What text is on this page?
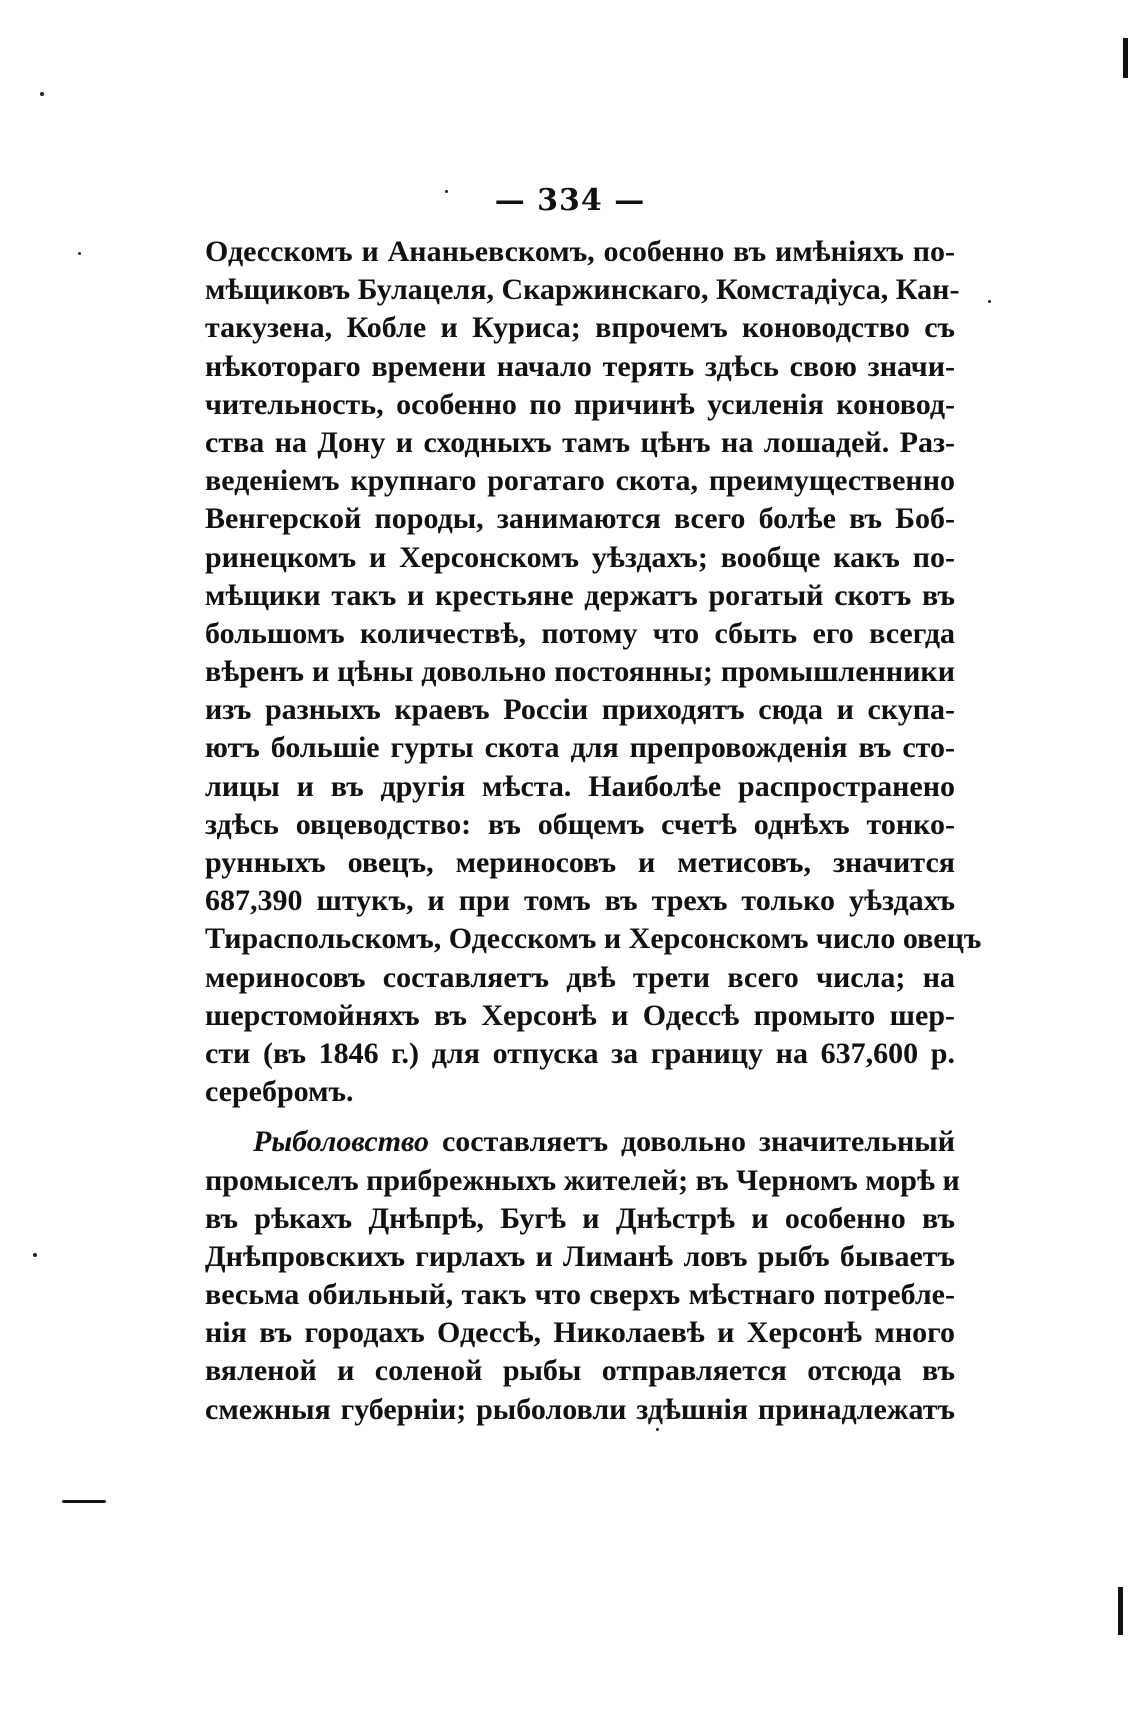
— 334 —
Одесскомъ и Ананьевскомъ, особенно въ имѣніяхъ по-
мѣщиковъ Булацеля, Скаржинскаго, Комстадіуса, Кан-
такузена, Кобле и Куриса; впрочемъ коноводство съ
нѣкотораго времени начало терять здѣсь свою значи-
чительность, особенно по причинѣ усиленія коновод-
ства на Дону и сходныхъ тамъ цѣнъ на лошадей. Раз-
веденіемъ крупнаго рогатаго скота, преимущественно
Венгерской породы, занимаются всего болѣе въ Боб-
ринецкомъ и Херсонскомъ уѣздахъ; вообще какъ по-
мѣщики такъ и крестьяне держатъ рогатый скотъ въ
большомъ количествѣ, потому что сбыть его всегда
вѣренъ и цѣны довольно постоянны; промышленники
изъ разныхъ краевъ Россіи приходятъ сюда и скупа-
ютъ большіе гурты скота для препровожденія въ сто-
лицы и въ другія мѣста. Наиболѣе распространено
здѣсь овцеводство: въ общемъ счетѣ однѣхъ тонко-
рунныхъ овецъ, мериносовъ и метисовъ, значится
687,390 штукъ, и при томъ въ трехъ только уѣздахъ
Тираспольскомъ, Одесскомъ и Херсонскомъ число овецъ
мериносовъ составляетъ двѣ трети всего числа; на
шерстомойняхъ въ Херсонѣ и Одессѣ промыто шер-
сти (въ 1846 г.) для отпуска за границу на 637,600 р.
серебромъ.
Рыболовство составляетъ довольно значительный
промыселъ прибрежныхъ жителей; въ Черномъ морѣ и
въ рѣкахъ Днѣпрѣ, Бугѣ и Днѣстрѣ и особенно въ
Днѣпровскихъ гирлахъ и Лиманѣ ловъ рыбъ бываетъ
весьма обильный, такъ что сверхъ мѣстнаго потребле-
нія въ городахъ Одессѣ, Николаевѣ и Херсонѣ много
вяленой и соленой рыбы отправляется отсюда въ
смежныя губерніи; рыболовли здѣшнія принадлежатъ
